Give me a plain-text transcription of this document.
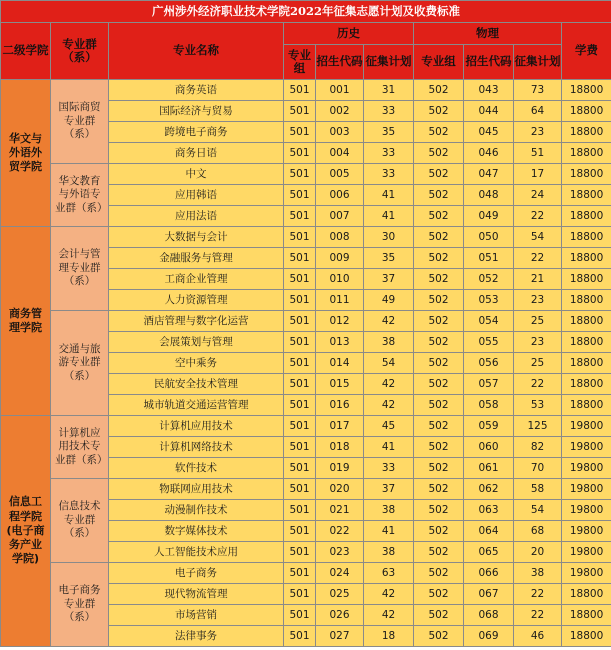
广州涉外经济职业技术学院2022年征集志愿计划及收费标准									
二级学院	专业群（系）	专业名称	历史			物理			学费
			专业组	招生代码	征集计划	专业组	招生代码	征集计划	
华文与外语外贸学院	国际商贸专业群（系）	商务英语	501	001	31	502	043	73	18800
		国际经济与贸易	501	002	33	502	044	64	18800
		跨境电子商务	501	003	35	502	045	23	18800
		商务日语	501	004	33	502	046	51	18800
	华文教育与外语专业群（系）	中文	501	005	33	502	047	17	18800
		应用韩语	501	006	41	502	048	24	18800
		应用法语	501	007	41	502	049	22	18800
商务管理学院	会计与管理专业群（系）	大数据与会计	501	008	30	502	050	54	18800
		金融服务与管理	501	009	35	502	051	22	18800
		工商企业管理	501	010	37	502	052	21	18800
		人力资源管理	501	011	49	502	053	23	18800
	交通与旅游专业群（系）	酒店管理与数字化运营	501	012	42	502	054	25	18800
		会展策划与管理	501	013	38	502	055	23	18800
		空中乘务	501	014	54	502	056	25	18800
		民航安全技术管理	501	015	42	502	057	22	18800
		城市轨道交通运营管理	501	016	42	502	058	53	18800
信息工程学院(电子商务产业学院)	计算机应用技术专业群（系）	计算机应用技术	501	017	45	502	059	125	19800
		计算机网络技术	501	018	41	502	060	82	19800
		软件技术	501	019	33	502	061	70	19800
	信息技术专业群（系）	物联网应用技术	501	020	37	502	062	58	19800
		动漫制作技术	501	021	38	502	063	54	19800
		数字媒体技术	501	022	41	502	064	68	19800
		人工智能技术应用	501	023	38	502	065	20	19800
	电子商务专业群（系）	电子商务	501	024	63	502	066	38	19800
		现代物流管理	501	025	42	502	067	22	18800
		市场营销	501	026	42	502	068	22	18800
		法律事务	501	027	18	502	069	46	18800
